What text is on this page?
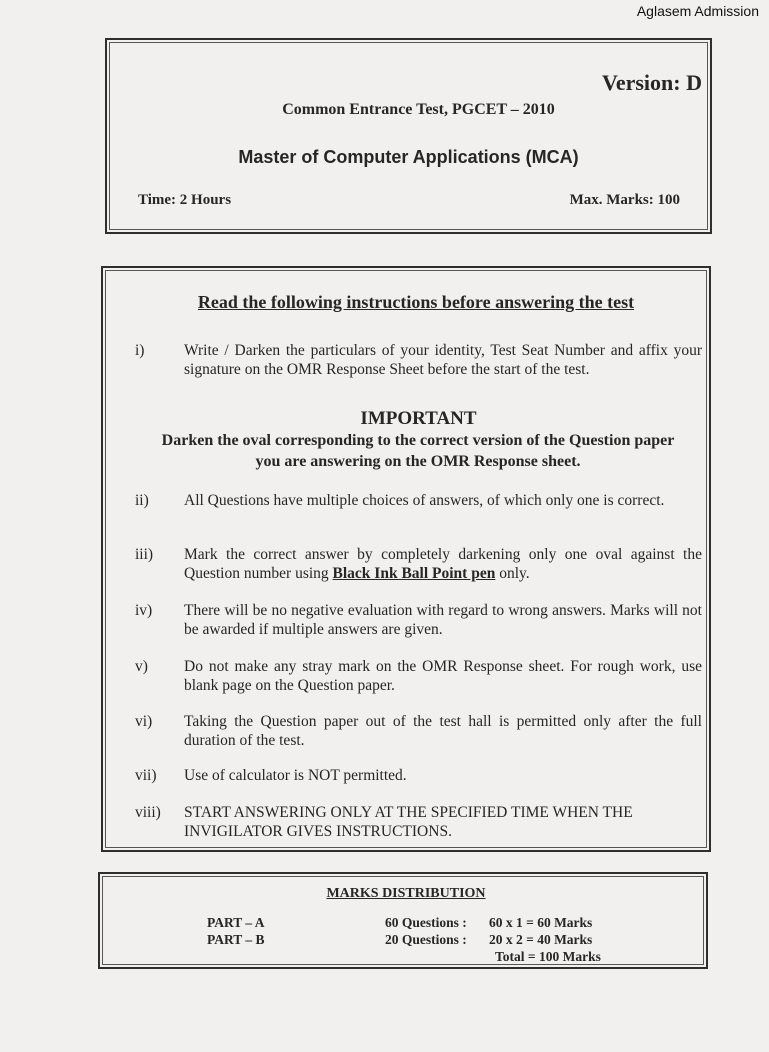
Aglasem Admission
Version: D
Common Entrance Test, PGCET – 2010
Master of Computer Applications (MCA)
Time: 2 Hours	Max. Marks: 100
Read the following instructions before answering the test
i)	Write / Darken the particulars of your identity, Test Seat Number and affix your signature on the OMR Response Sheet before the start of the test.
IMPORTANT
Darken the oval corresponding to the correct version of the Question paper you are answering on the OMR Response sheet.
ii) All Questions have multiple choices of answers, of which only one is correct.
iii) Mark the correct answer by completely darkening only one oval against the Question number using Black Ink Ball Point pen only.
iv) There will be no negative evaluation with regard to wrong answers. Marks will not be awarded if multiple answers are given.
v) Do not make any stray mark on the OMR Response sheet. For rough work, use blank page on the Question paper.
vi) Taking the Question paper out of the test hall is permitted only after the full duration of the test.
vii) Use of calculator is NOT permitted.
viii) START ANSWERING ONLY AT THE SPECIFIED TIME WHEN THE INVIGILATOR GIVES INSTRUCTIONS.
MARKS DISTRIBUTION
PART – A	60 Questions : 60 x 1 = 60 Marks
PART – B	20 Questions : 20 x 2 = 40 Marks
Total = 100 Marks
